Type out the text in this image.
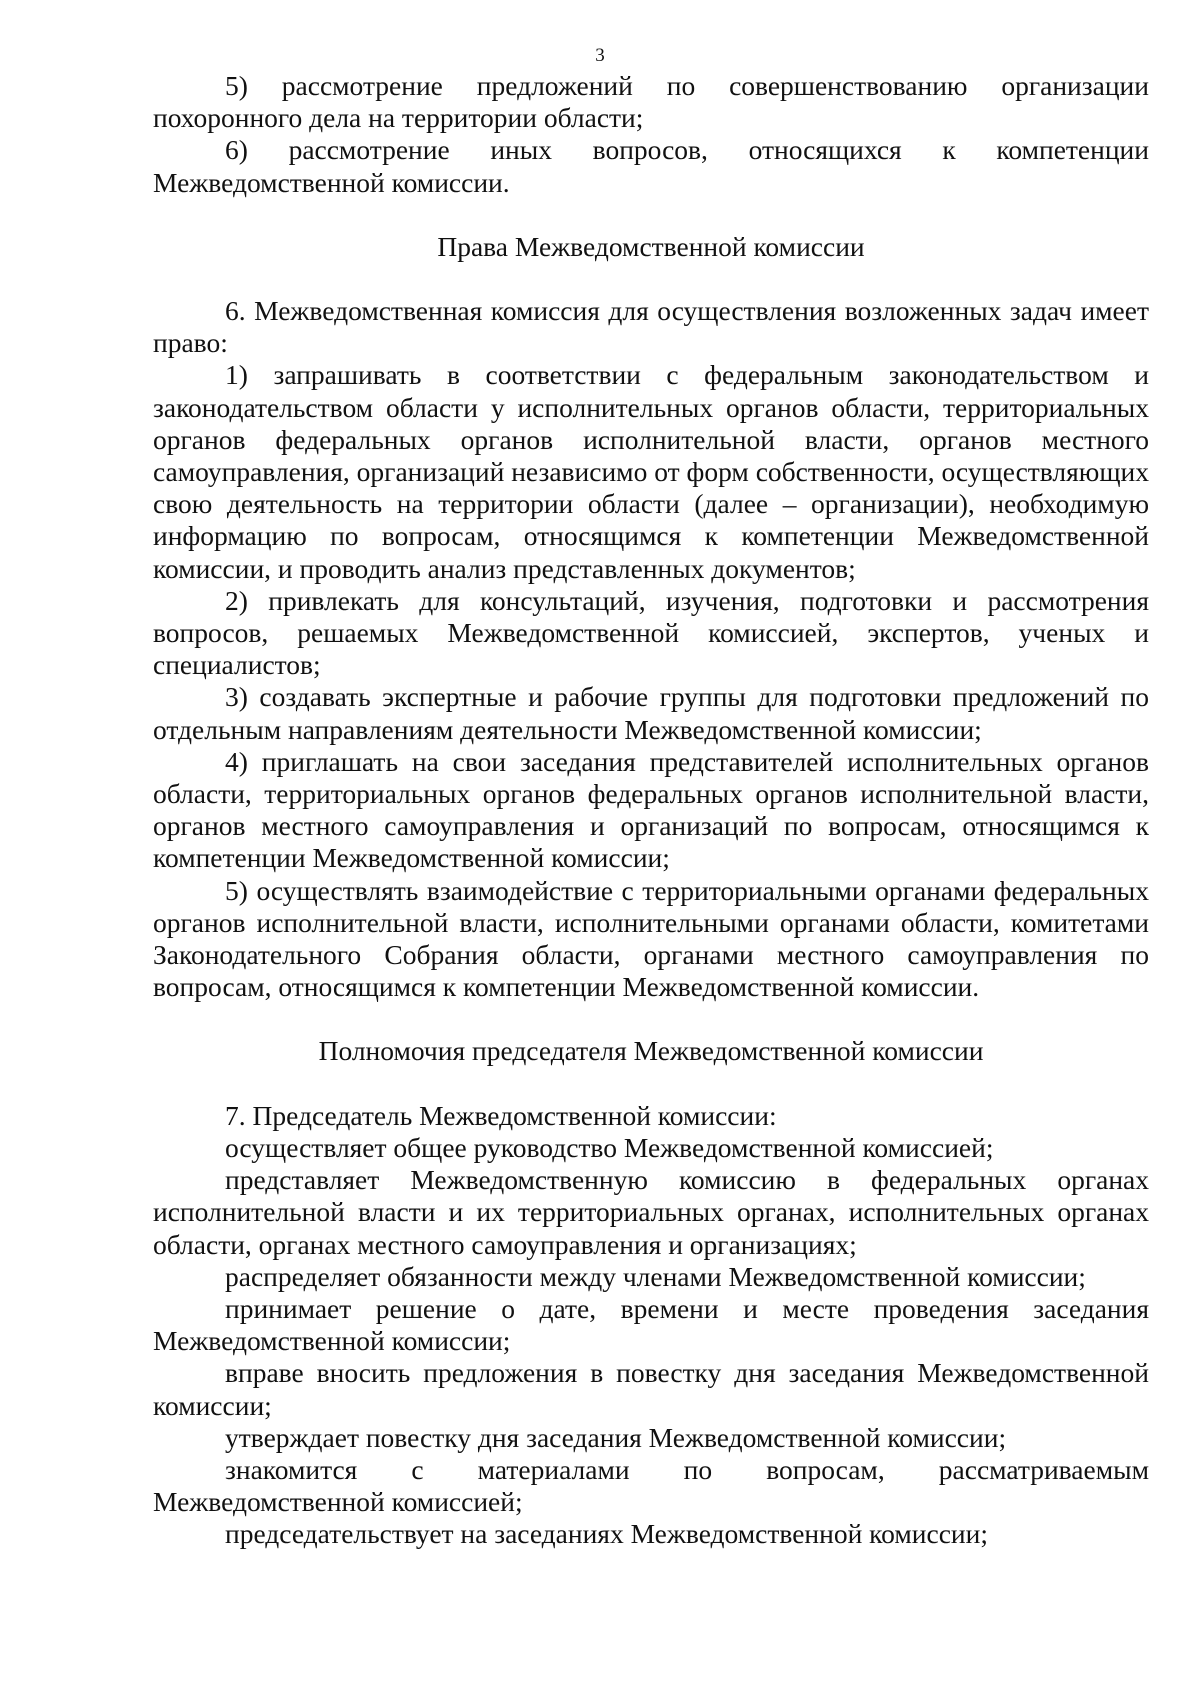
3

5) рассмотрение предложений по совершенствованию организации похоронного дела на территории области;

6) рассмотрение иных вопросов, относящихся к компетенции Межведомственной комиссии.

Права Межведомственной комиссии

6. Межведомственная комиссия для осуществления возложенных задач имеет право:

1) запрашивать в соответствии с федеральным законодательством и законодательством области у исполнительных органов области, территориальных органов федеральных органов исполнительной власти, органов местного самоуправления, организаций независимо от форм собственности, осуществляющих свою деятельность на территории области (далее – организации), необходимую информацию по вопросам, относящимся к компетенции Межведомственной комиссии, и проводить анализ представленных документов;

2) привлекать для консультаций, изучения, подготовки и рассмотрения вопросов, решаемых Межведомственной комиссией, экспертов, ученых и специалистов;

3) создавать экспертные и рабочие группы для подготовки предложений по отдельным направлениям деятельности Межведомственной комиссии;

4) приглашать на свои заседания представителей исполнительных органов области, территориальных органов федеральных органов исполнительной власти, органов местного самоуправления и организаций по вопросам, относящимся к компетенции Межведомственной комиссии;

5) осуществлять взаимодействие с территориальными органами федеральных органов исполнительной власти, исполнительными органами области, комитетами Законодательного Собрания области, органами местного самоуправления по вопросам, относящимся к компетенции Межведомственной комиссии.

Полномочия председателя Межведомственной комиссии

7. Председатель Межведомственной комиссии:

осуществляет общее руководство Межведомственной комиссией;

представляет Межведомственную комиссию в федеральных органах исполнительной власти и их территориальных органах, исполнительных органах области, органах местного самоуправления и организациях;

распределяет обязанности между членами Межведомственной комиссии;

принимает решение о дате, времени и месте проведения заседания Межведомственной комиссии;

вправе вносить предложения в повестку дня заседания Межведомственной комиссии;

утверждает повестку дня заседания Межведомственной комиссии;

знакомится с материалами по вопросам, рассматриваемым Межведомственной комиссией;

председательствует на заседаниях Межведомственной комиссии;
